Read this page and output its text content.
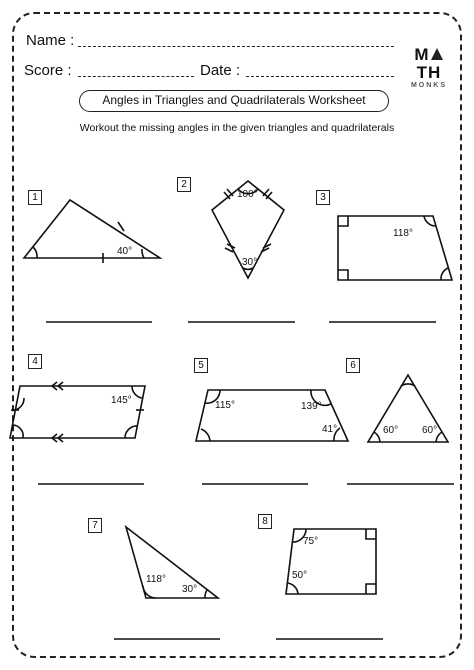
Name :
Score :	Date :
MTH
MONKS
Angles in Triangles and Quadrilaterals Worksheet
Workout the missing angles in the given triangles and quadrilaterals
1
2
3
4	5	6
7	8
40°
100°
30°
118°
145°	115°	139°
41°	60° 60°
118°
30°
75°
50°
